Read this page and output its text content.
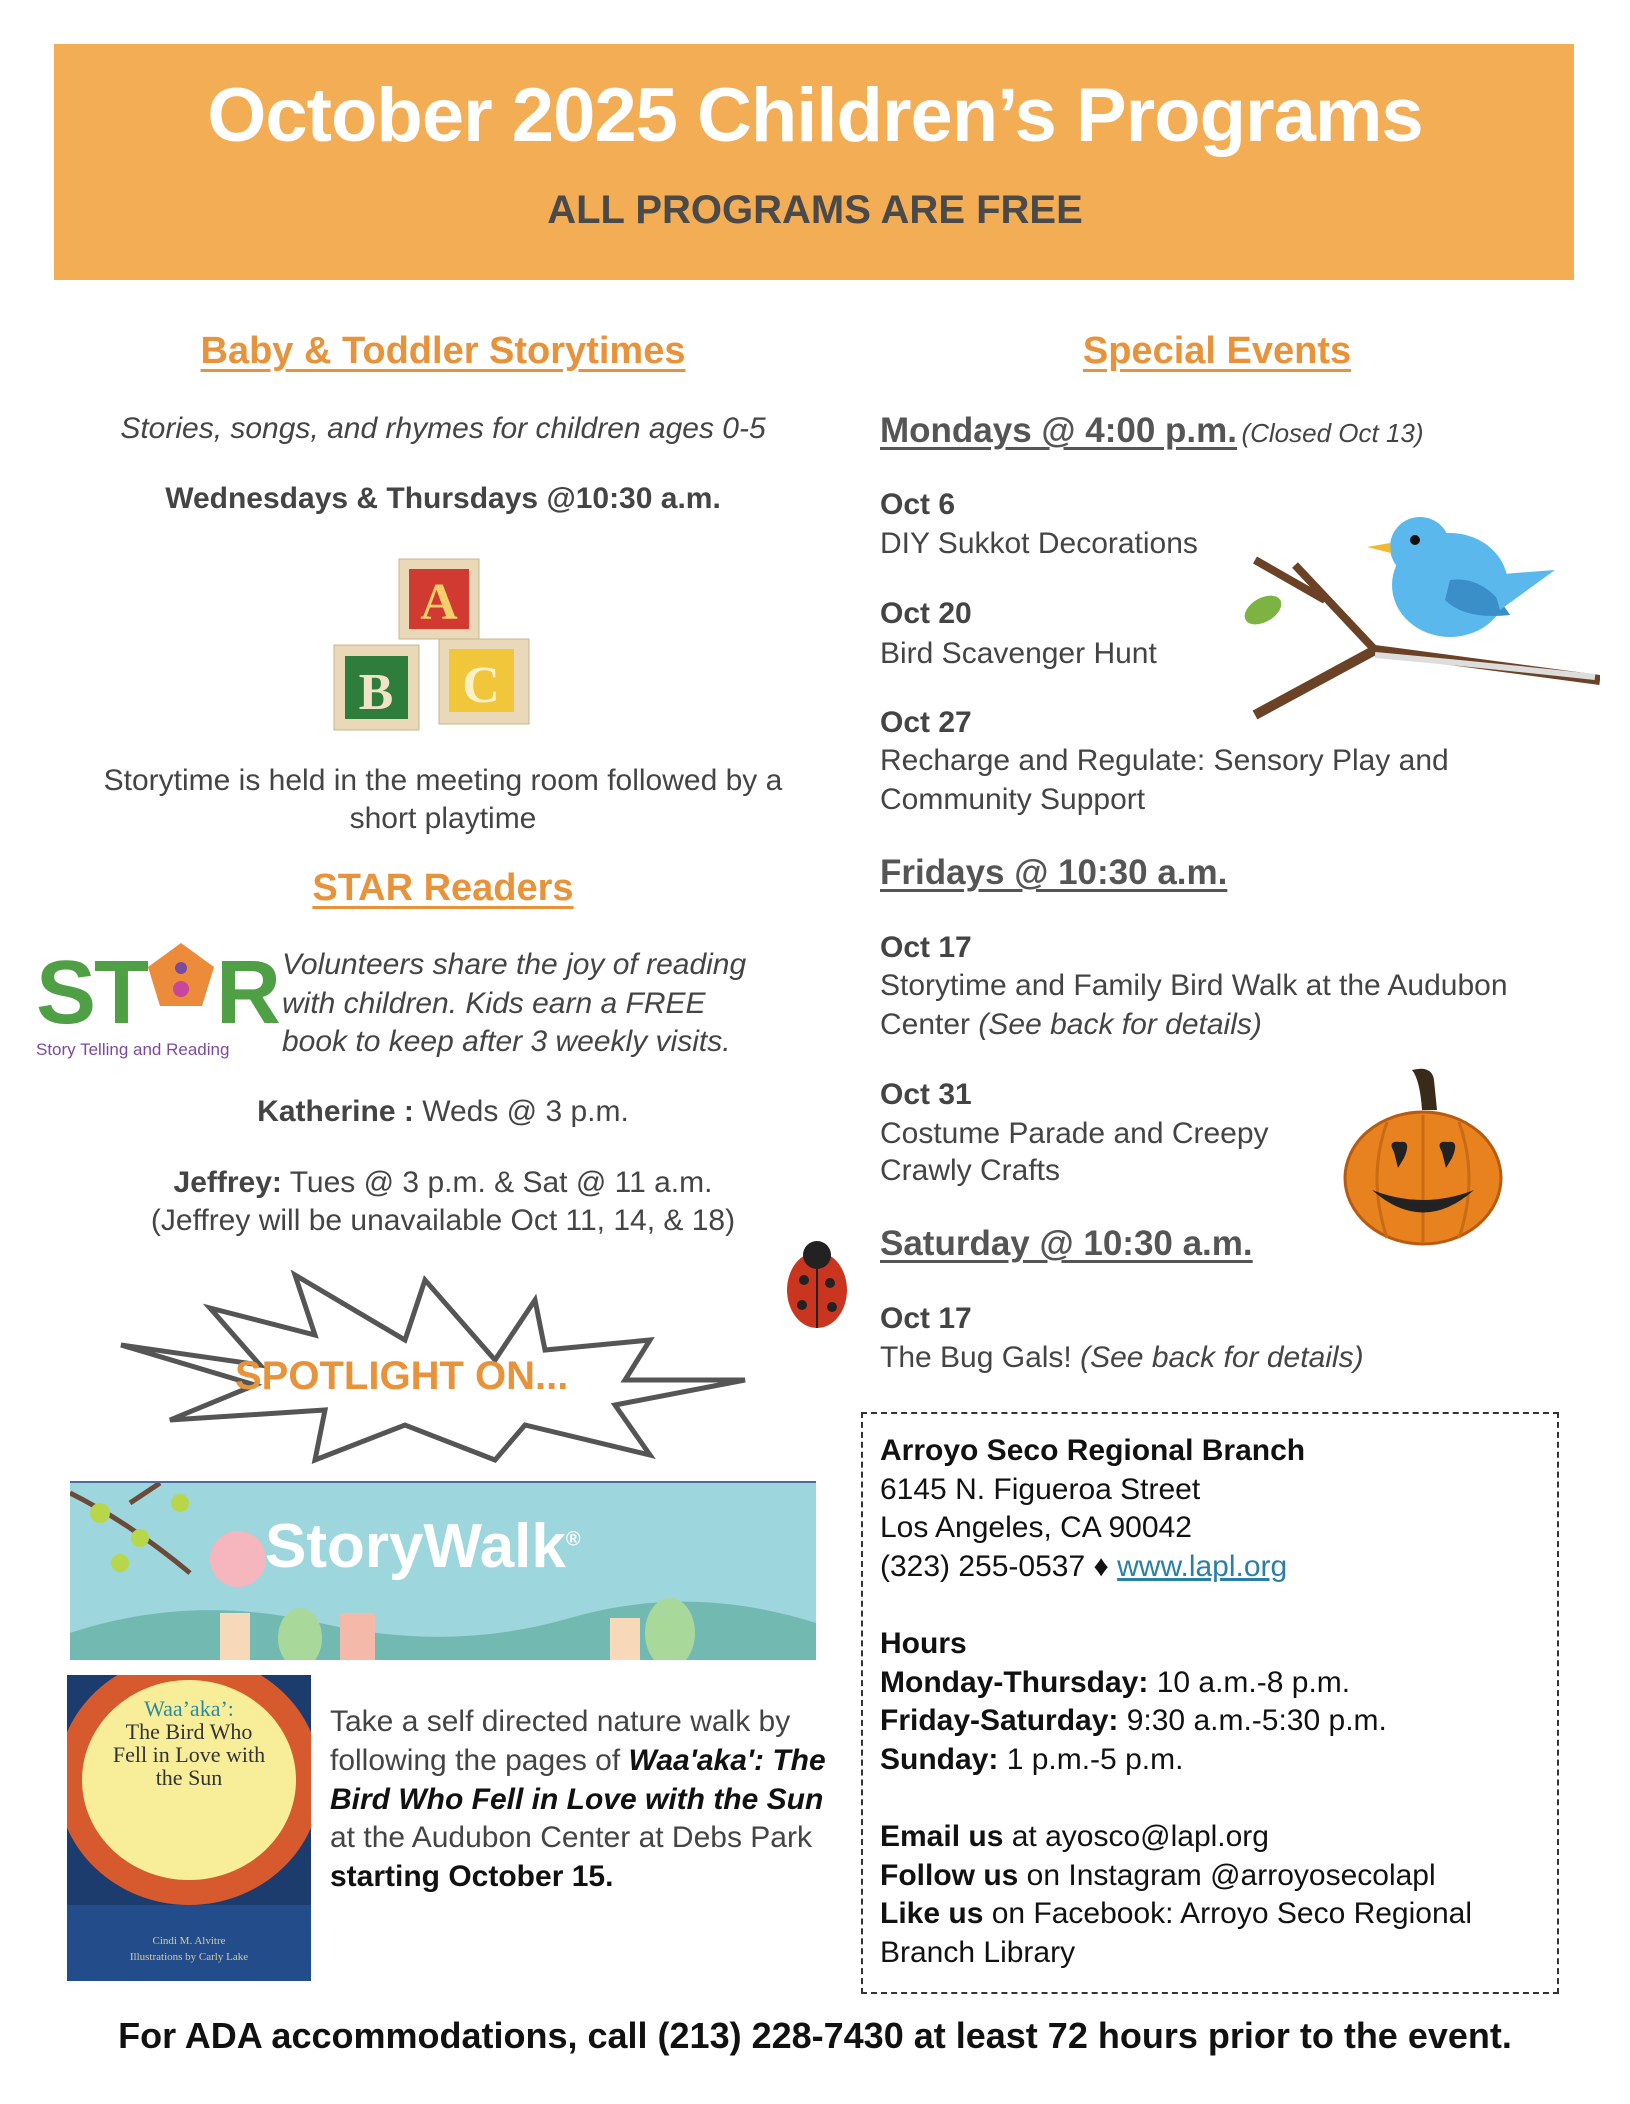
October 2025 Children’s Programs
ALL PROGRAMS ARE FREE
Baby & Toddler Storytimes
Stories, songs, and rhymes for children ages 0-5
Wednesdays & Thursdays @10:30 a.m.
A
B C
Storytime is held in the meeting room followed by a
short playtime
STAR Readers
S
T R
Story Telling and Reading
Volunteers share the joy of reading
with children. Kids earn a FREE
book to keep after 3 weekly visits.
Katherine : Weds @ 3 p.m.
Jeffrey: Tues @ 3 p.m. & Sat @ 11 a.m.
(Jeffrey will be unavailable Oct 11, 14, & 18)
SPOTLIGHT ON...
StoryWalk®
Waa’aka’:
The Bird Who
Fell in Love with
the Sun
Cindi M. Alvitre
Illustrations by Carly Lake
Take a self directed nature walk by following the pages of Waa'aka': The Bird Who Fell in Love with the Sun at the Audubon Center at Debs Park starting October 15.
Special Events
Mondays @ 4:00 p.m. (Closed Oct 13)
Oct 6
DIY Sukkot Decorations
Oct 20
Bird Scavenger Hunt
Oct 27
Recharge and Regulate: Sensory Play and
Community Support
Fridays @ 10:30 a.m.
Oct 17
Storytime and Family Bird Walk at the Audubon
Center (See back for details)
Oct 31
Costume Parade and Creepy
Crawly Crafts
Saturday @ 10:30 a.m.
Oct 17
The Bug Gals! (See back for details)
Arroyo Seco Regional Branch
6145 N. Figueroa Street
Los Angeles, CA 90042
(323) 255-0537 ♦ www.lapl.org
Hours
Monday-Thursday: 10 a.m.-8 p.m.
Friday-Saturday: 9:30 a.m.-5:30 p.m.
Sunday: 1 p.m.-5 p.m.
Email us at ayosco@lapl.org
Follow us on Instagram @arroyosecolapl
Like us on Facebook: Arroyo Seco Regional
Branch Library
For ADA accommodations, call (213) 228-7430 at least 72 hours prior to the event.
